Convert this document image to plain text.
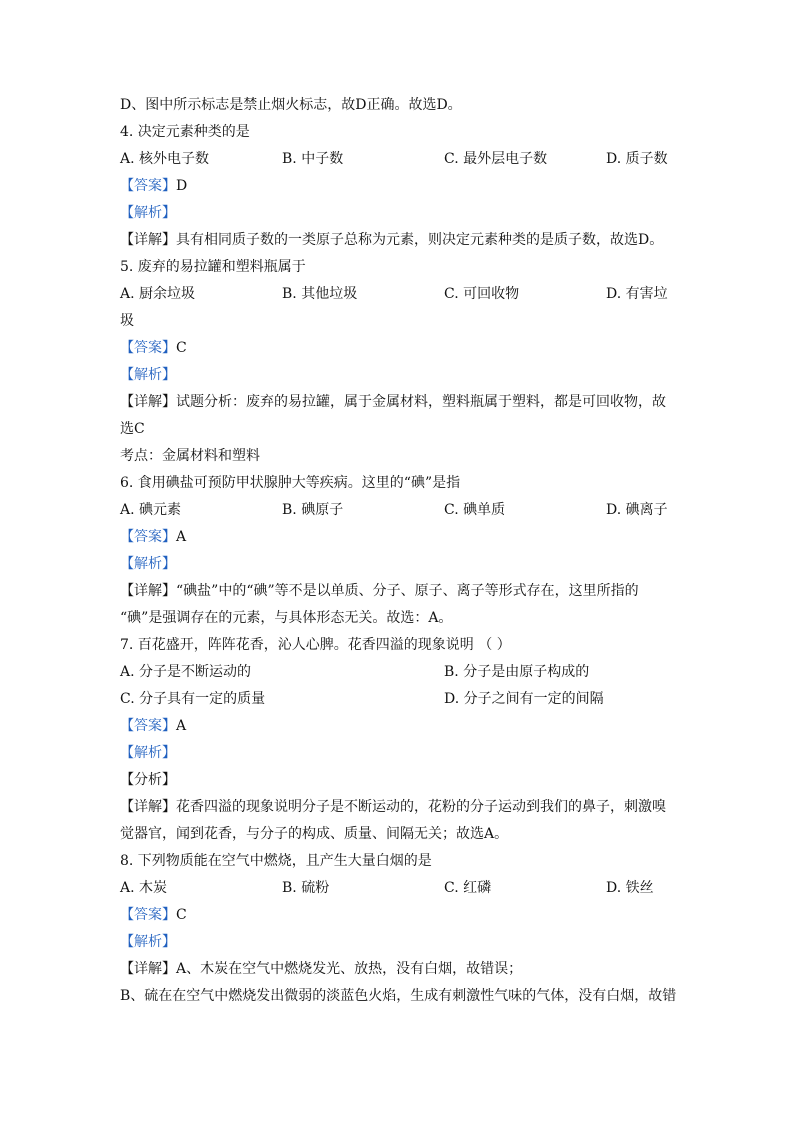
D、图中所示标志是禁止烟火标志，故D正确。故选D。
4. 决定元素种类的是
A. 核外电子数	B. 中子数	C. 最外层电子数	D. 质子数
【答案】D
【解析】
【详解】具有相同质子数的一类原子总称为元素，则决定元素种类的是质子数，故选D。
5. 废弃的易拉罐和塑料瓶属于
A. 厨余垃圾	B. 其他垃圾	C. 可回收物	D. 有害垃
圾
【答案】C
【解析】
【详解】试题分析：废弃的易拉罐，属于金属材料，塑料瓶属于塑料，都是可回收物，故
选C
考点：金属材料和塑料
6. 食用碘盐可预防甲状腺肿大等疾病。这里的“碘”是指
A. 碘元素	B. 碘原子	C. 碘单质	D. 碘离子
【答案】A
【解析】
【详解】“碘盐”中的“碘”等不是以单质、分子、原子、离子等形式存在，这里所指的
“碘”是强调存在的元素，与具体形态无关。故选：A。
7. 百花盛开，阵阵花香，沁人心脾。花香四溢的现象说明 （ ）
A. 分子是不断运动的	B. 分子是由原子构成的
C. 分子具有一定的质量	D. 分子之间有一定的间隔
【答案】A
【解析】
【分析】
【详解】花香四溢的现象说明分子是不断运动的，花粉的分子运动到我们的鼻子，刺激嗅
觉器官，闻到花香，与分子的构成、质量、间隔无关；故选A。
8. 下列物质能在空气中燃烧，且产生大量白烟的是
A. 木炭	B. 硫粉	C. 红磷	D. 铁丝
【答案】C
【解析】
【详解】A、木炭在空气中燃烧发光、放热，没有白烟，故错误；
B、硫在在空气中燃烧发出微弱的淡蓝色火焰，生成有刺激性气味的气体，没有白烟，故错
